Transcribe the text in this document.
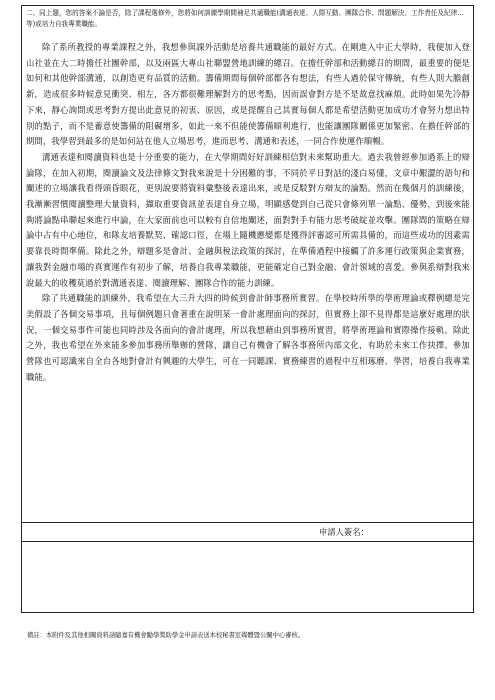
二、同上題，您的答案不論是否，除了課程選修外，您將如何訓練學期間補足共通職能(溝通表達、人際互動、團隊合作、問題解決、工作責任及紀律…等)或培力自我專業職能。

除了系所教授的專業課程之外，我想參與課外活動是培養共通職能的最好方式。在剛進入中正大學時，我便加入登山社並在大二時擔任社團幹部，以及兩區大專山社聯盟營地訓練的總召。在擔任幹部和活動總召的期間，最重要的便是如何和其他幹部溝通，以創造更有品質的活動。籌備期間每個幹部都各有想法，有些人過於保守傳統，有些人則大膽創新，造成很多時候意見衝突、相左，各方都很難理解對方的思考點，因而誤會對方是不是故意找麻煩。此時如果先冷靜下來，靜心詢問或思考對方提出此意見的初衷、原因，或是提醒自己其實每個人都是希望活動更加成功才會努力想出特別的點子，而不是蓄意使籌備的阻礙增多，如此一來不但能使籌備順利進行，也能讓團隊關係更加緊密。在擔任幹部的期間，我學習到最多的是如何站在他人立場思考，進而思考、溝通和表述，一同合作使運作順暢。

溝通表達和閱讀資料也是十分重要的能力，在大學期間好好訓練相信對未來幫助重大。過去我曾經參加過系上的辯論隊，在加入初期，閱讀論文及法律條文對我來說是十分困難的事，不同於平日對話的淺白易懂，文章中艱澀的語句和闡述的立場讓我看得頭昏眼花，更別說要將資料彙整後表達出來，或是反駁對方辯友的論點。然而在幾個月的訓練後，我漸漸習慣閱讀整理大量資料，擷取重要資訊並表達自身立場，明顯感覺到自己從只會條列單一論點、優勢，到後來能夠將論點串聯起來進行申論，在大家面前也可以較有自信地闡述，面對對手有能力思考破綻並攻擊。團隊間的策略在辯論中占有中心地位，和隊友培養默契、確認口徑，在場上隨機應變都是獲得評審認可所需具備的，而這些成功的因素需要靠長時間準備。除此之外，辯題多是會計、金融與稅法政策的探討，在準備過程中接觸了許多運行政策與企業實務，讓我對金融市場的真實運作有初步了解，培養自我專業職能，更能確定自己對金融、會計領域的喜愛。參與系辯對我來說最大的收穫莫過於對溝通表達、閱讀理解、團隊合作的能力訓練。

除了共通職能的訓練外，我希望在大三升大四的時候到會計師事務所實習。在學校時所學的學術理論或釋例總是完美假設了各個交易事項，且每個例題只會著重在說明某一會計處理面向的探討，但實務上卻不見得都是這麼好處理的狀況，一個交易事件可能也同時涉及各面向的會計處理，所以我想藉由到事務所實習，將學術理論和實際操作接軌。除此之外，我也希望在外來能多參加事務所舉辦的營隊，讓自己有機會了解各事務所內部文化，有助於未來工作抉擇。參加營隊也可認識來自全台各地對會計有興趣的大學生，可在一同聽課、實務練習的過程中互相琢磨、學習，培養自我專業職能。

申請人簽名：

備註：本附件及其他相關資料請隨嘉有機會勵學獎助學金申請表送本校秘書室媒體暨公關中心審核。
